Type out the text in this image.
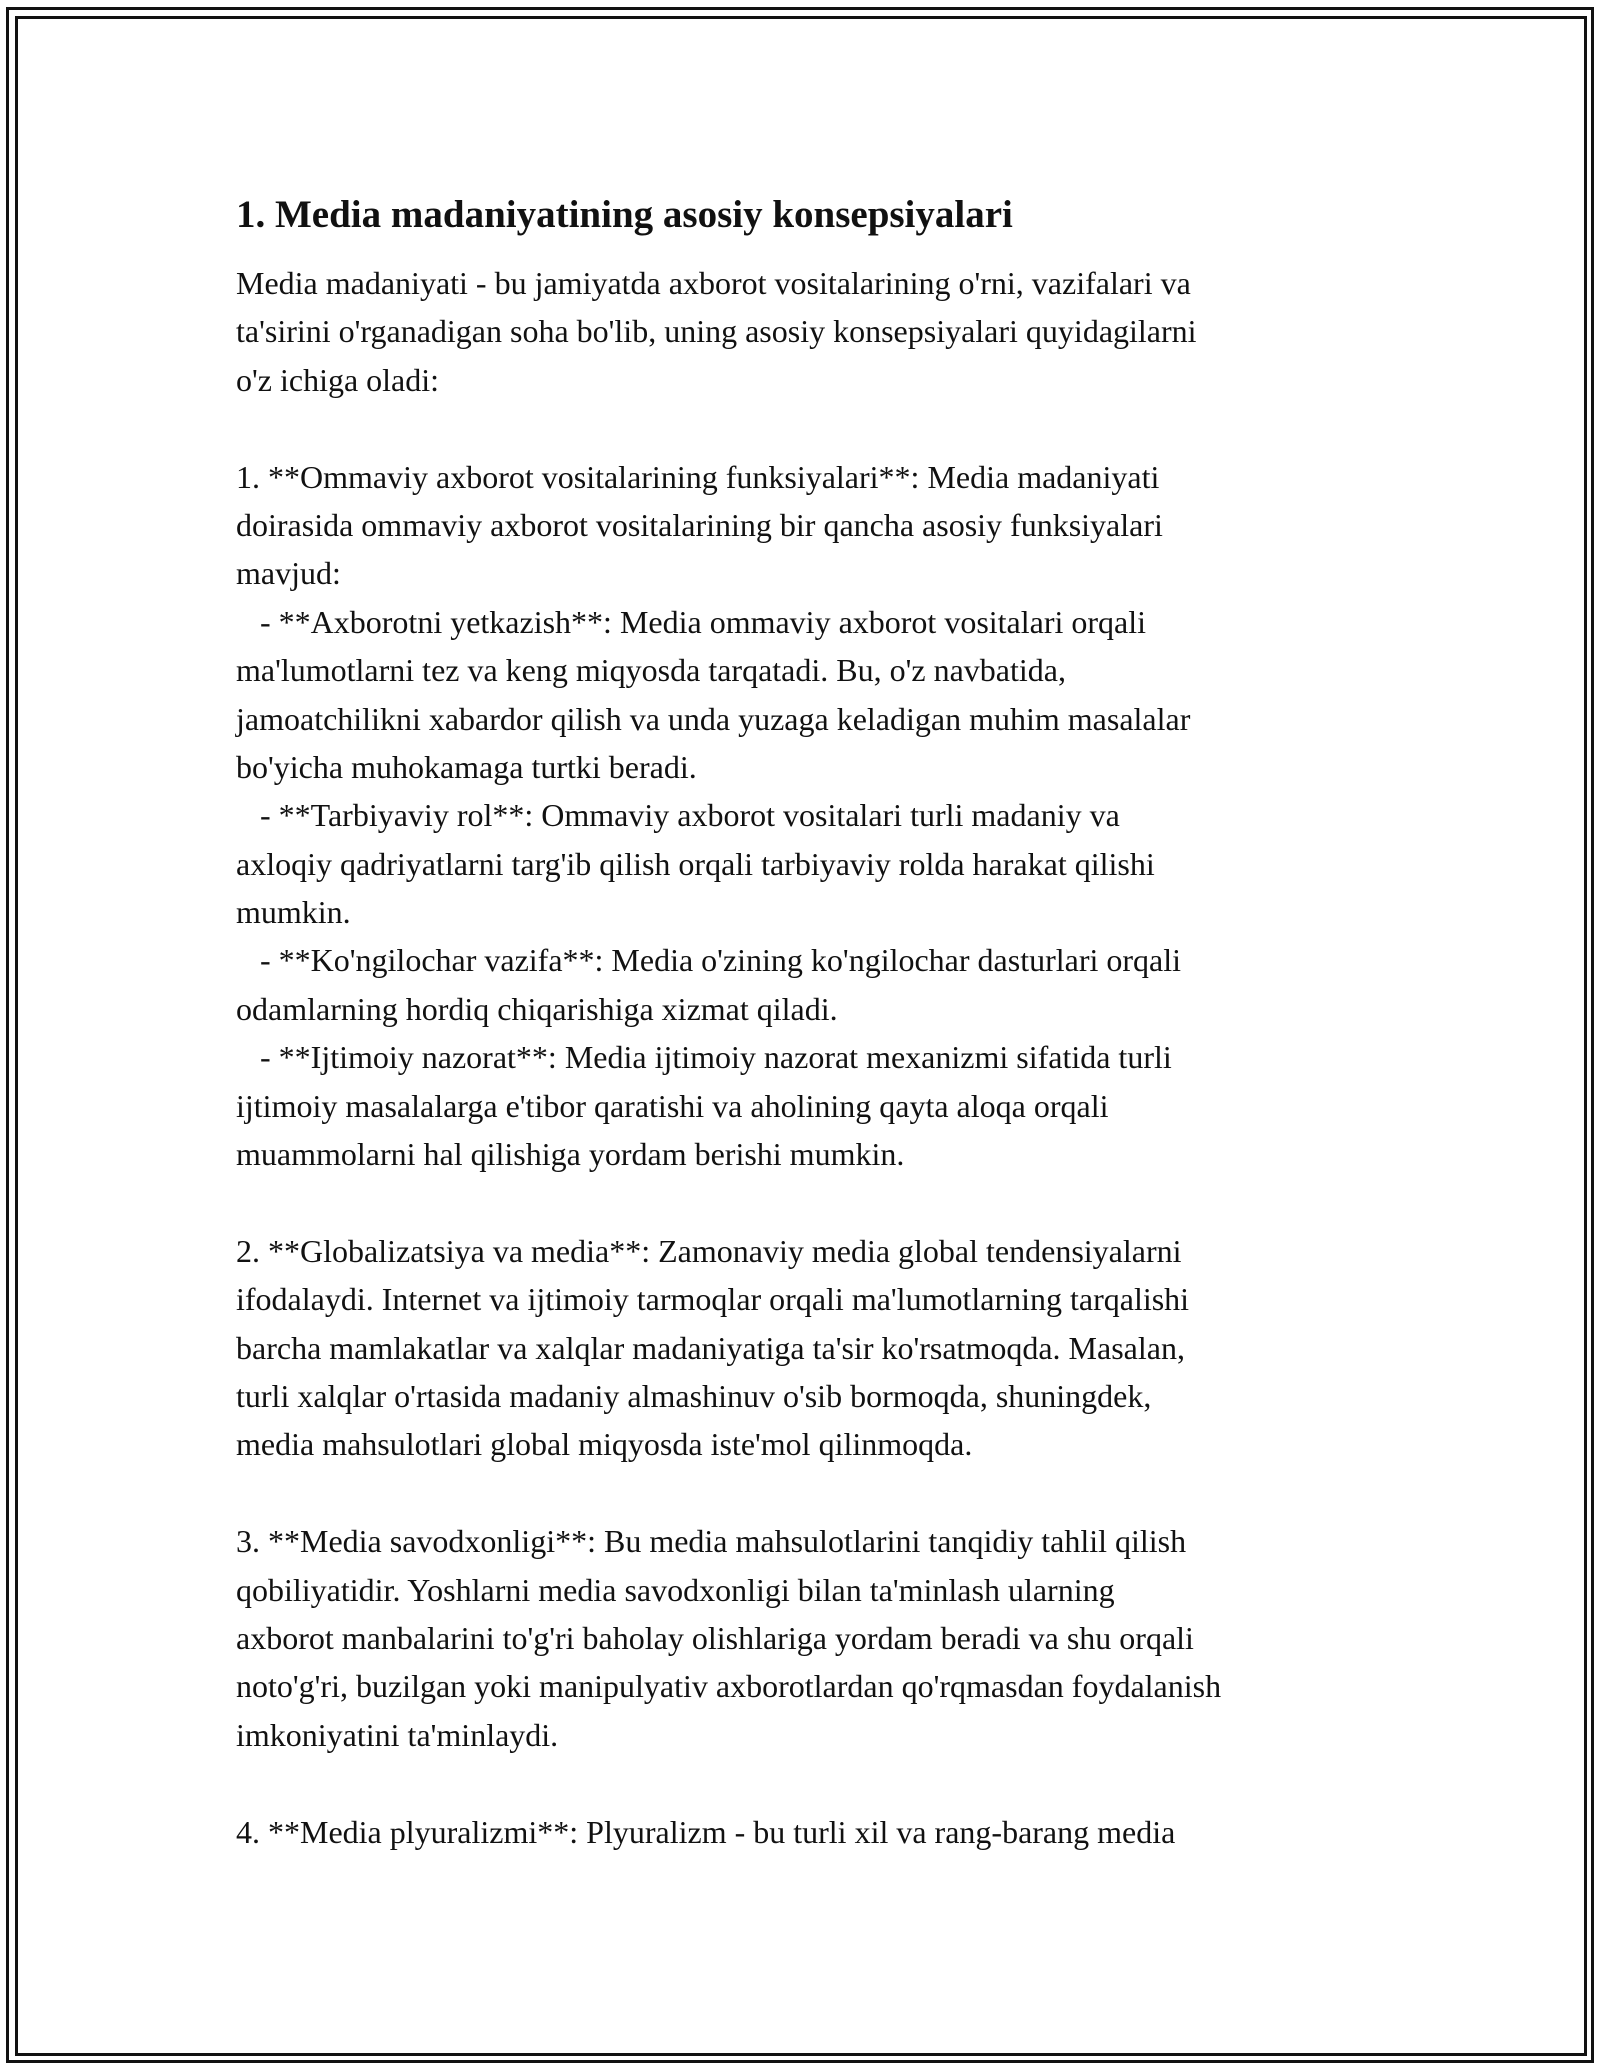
1. Media madaniyatining asosiy konsepsiyalari
Media madaniyati - bu jamiyatda axborot vositalarining o'rni, vazifalari va
ta'sirini o'rganadigan soha bo'lib, uning asosiy konsepsiyalari quyidagilarni
o'z ichiga oladi:
1. **Ommaviy axborot vositalarining funksiyalari**: Media madaniyati
doirasida ommaviy axborot vositalarining bir qancha asosiy funksiyalari
mavjud:
- **Axborotni yetkazish**: Media ommaviy axborot vositalari orqali
ma'lumotlarni tez va keng miqyosda tarqatadi. Bu, o'z navbatida,
jamoatchilikni xabardor qilish va unda yuzaga keladigan muhim masalalar
bo'yicha muhokamaga turtki beradi.
- **Tarbiyaviy rol**: Ommaviy axborot vositalari turli madaniy va
axloqiy qadriyatlarni targ'ib qilish orqali tarbiyaviy rolda harakat qilishi
mumkin.
- **Ko'ngilochar vazifa**: Media o'zining ko'ngilochar dasturlari orqali
odamlarning hordiq chiqarishiga xizmat qiladi.
- **Ijtimoiy nazorat**: Media ijtimoiy nazorat mexanizmi sifatida turli
ijtimoiy masalalarga e'tibor qaratishi va aholining qayta aloqa orqali
muammolarni hal qilishiga yordam berishi mumkin.
2. **Globalizatsiya va media**: Zamonaviy media global tendensiyalarni
ifodalaydi. Internet va ijtimoiy tarmoqlar orqali ma'lumotlarning tarqalishi
barcha mamlakatlar va xalqlar madaniyatiga ta'sir ko'rsatmoqda. Masalan,
turli xalqlar o'rtasida madaniy almashinuv o'sib bormoqda, shuningdek,
media mahsulotlari global miqyosda iste'mol qilinmoqda.
3. **Media savodxonligi**: Bu media mahsulotlarini tanqidiy tahlil qilish
qobiliyatidir. Yoshlarni media savodxonligi bilan ta'minlash ularning
axborot manbalarini to'g'ri baholay olishlariga yordam beradi va shu orqali
noto'g'ri, buzilgan yoki manipulyativ axborotlardan qo'rqmasdan foydalanish
imkoniyatini ta'minlaydi.
4. **Media plyuralizmi**: Plyuralizm - bu turli xil va rang-barang media
